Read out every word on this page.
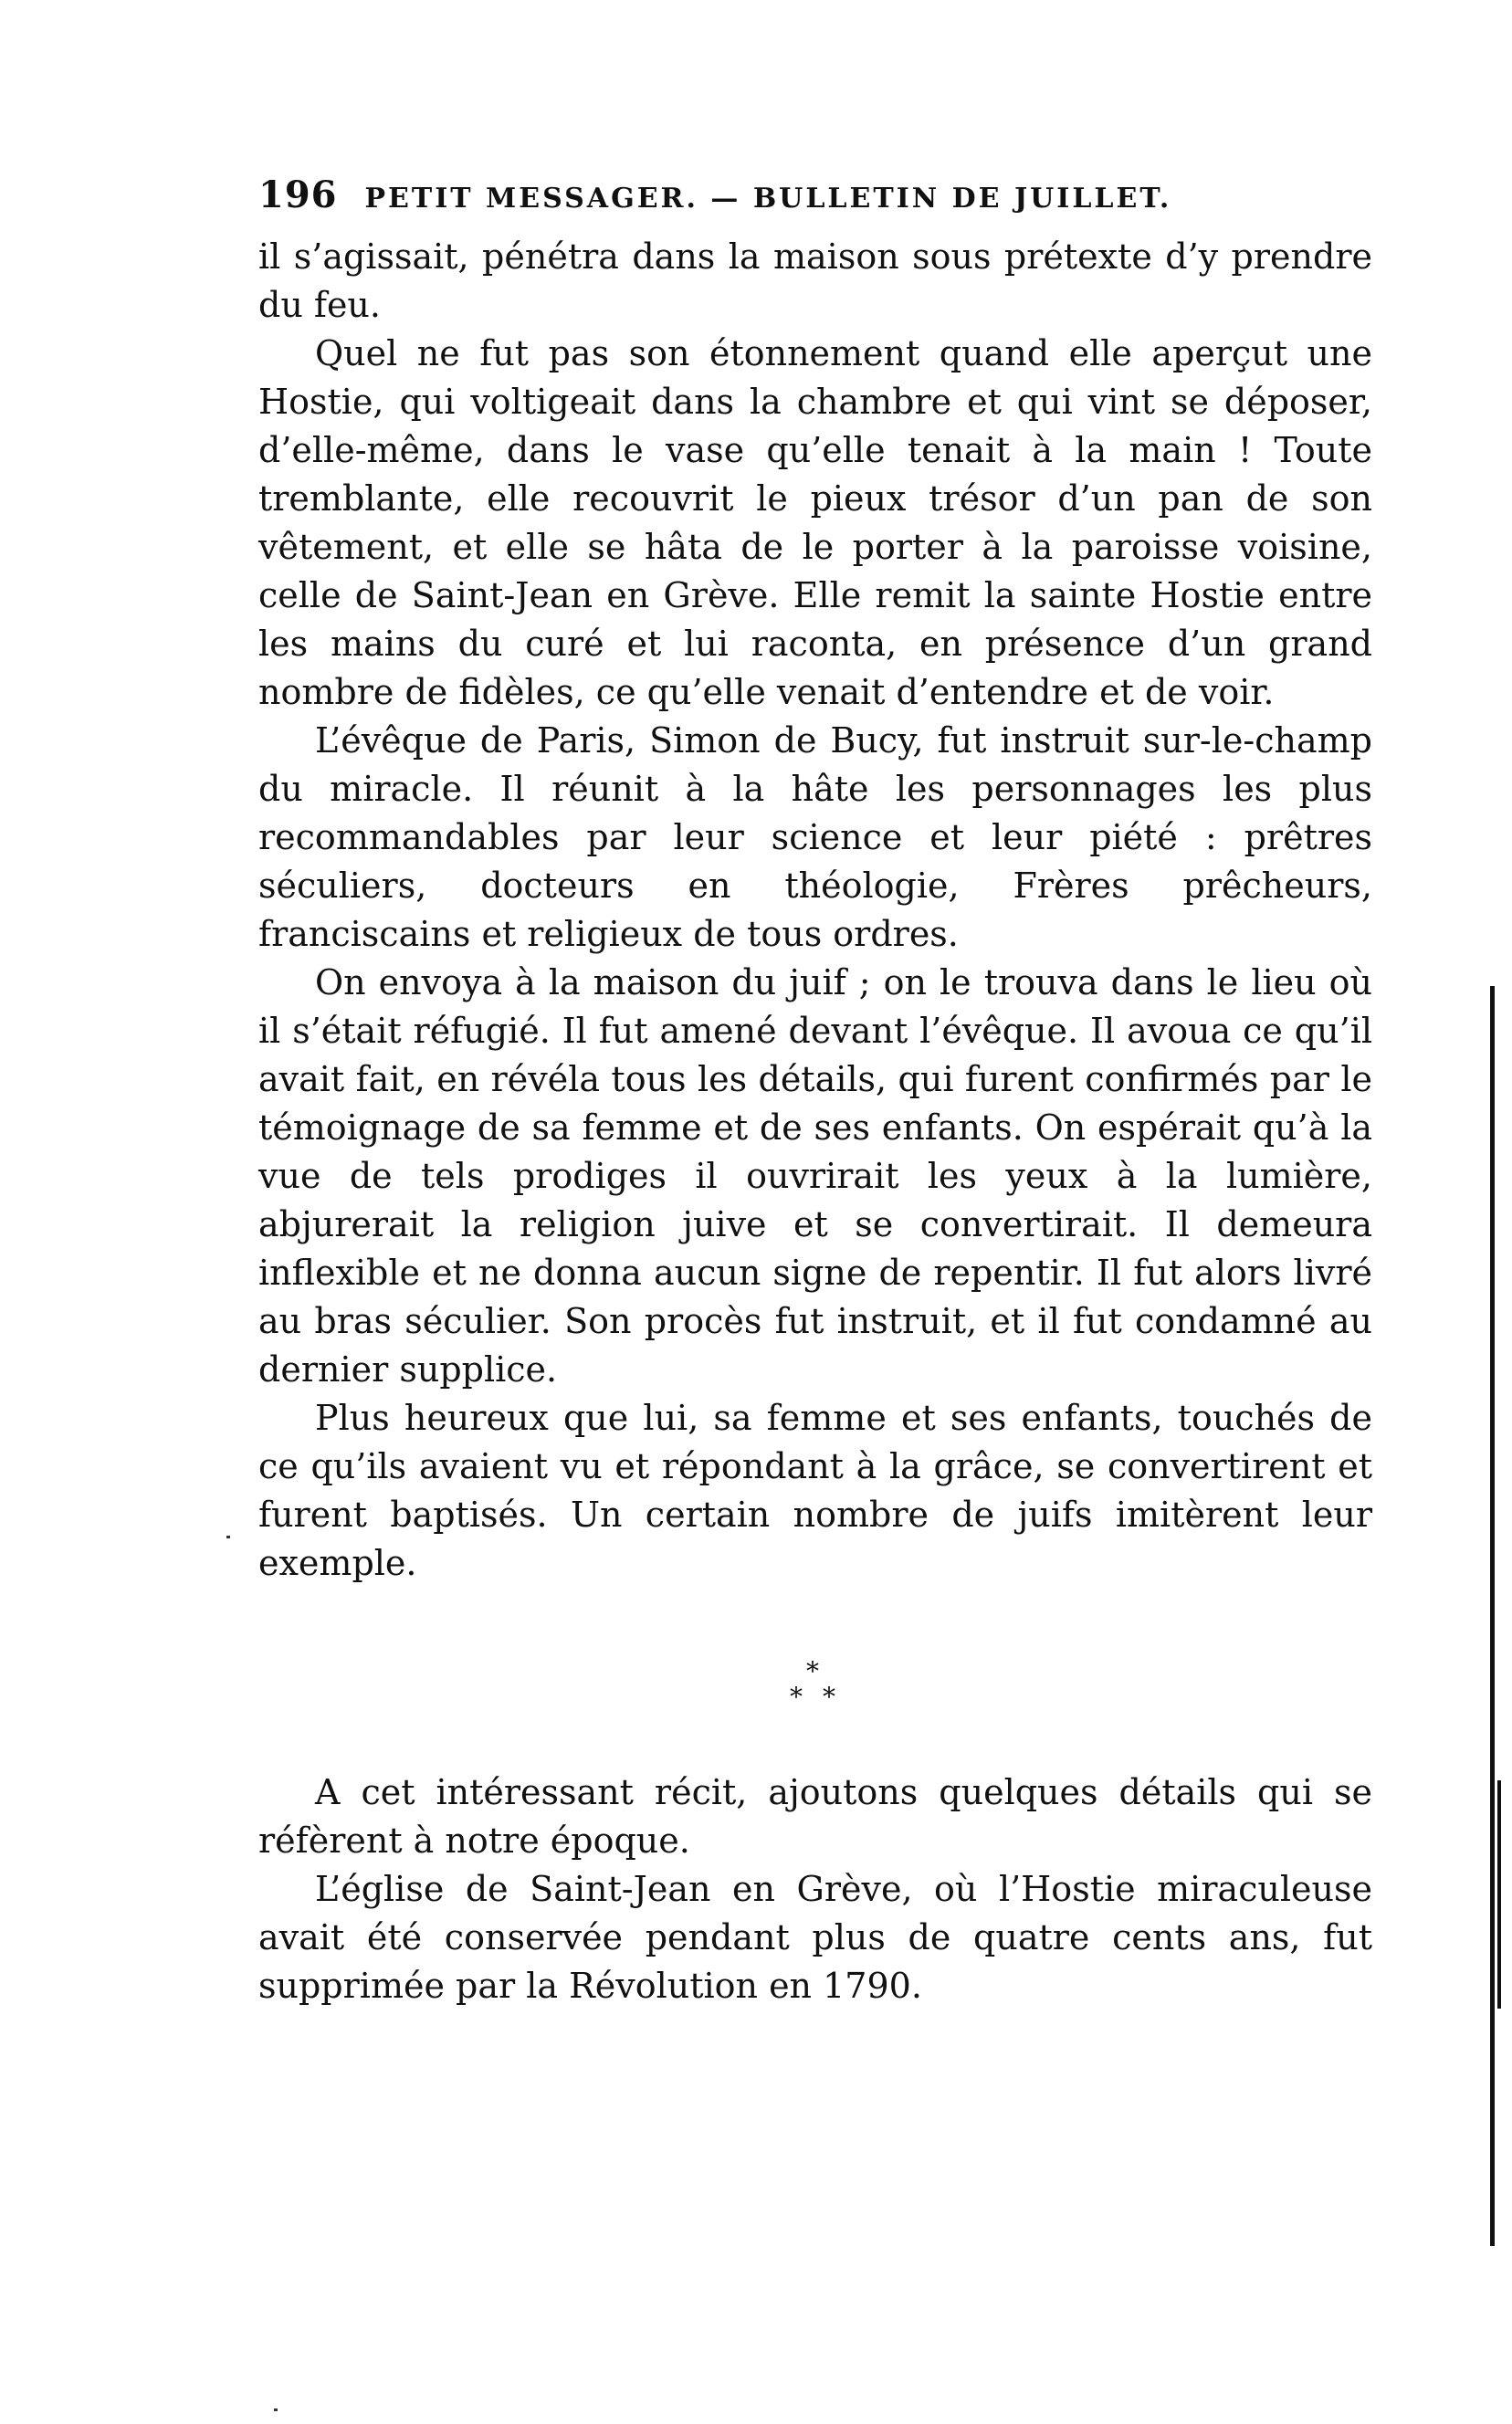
196 PETIT MESSAGER. — BULLETIN DE JUILLET.

il s’agissait, pénétra dans la maison sous prétexte d’y prendre du feu.

Quel ne fut pas son étonnement quand elle aperçut une Hostie, qui voltigeait dans la chambre et qui vint se déposer, d’elle-même, dans le vase qu’elle tenait à la main ! Toute tremblante, elle recouvrit le pieux trésor d’un pan de son vêtement, et elle se hâta de le porter à la paroisse voisine, celle de Saint-Jean en Grève. Elle remit la sainte Hostie entre les mains du curé et lui raconta, en présence d’un grand nombre de fidèles, ce qu’elle venait d’entendre et de voir.

L’évêque de Paris, Simon de Bucy, fut instruit sur-le-champ du miracle. Il réunit à la hâte les personnages les plus recommandables par leur science et leur piété : prêtres séculiers, docteurs en théologie, Frères prêcheurs, franciscains et religieux de tous ordres.

On envoya à la maison du juif ; on le trouva dans le lieu où il s’était réfugié. Il fut amené devant l’évêque. Il avoua ce qu’il avait fait, en révéla tous les détails, qui furent confirmés par le témoignage de sa femme et de ses enfants. On espérait qu’à la vue de tels prodiges il ouvrirait les yeux à la lumière, abjurerait la religion juive et se convertirait. Il demeura inflexible et ne donna aucun signe de repentir. Il fut alors livré au bras séculier. Son procès fut instruit, et il fut condamné au dernier supplice.

Plus heureux que lui, sa femme et ses enfants, touchés de ce qu’ils avaient vu et répondant à la grâce, se convertirent et furent baptisés. Un certain nombre de juifs imitèrent leur exemple.

*
* *

A cet intéressant récit, ajoutons quelques détails qui se réfèrent à notre époque.

L’église de Saint-Jean en Grève, où l’Hostie miraculeuse avait été conservée pendant plus de quatre cents ans, fut supprimée par la Révolution en 1790.
